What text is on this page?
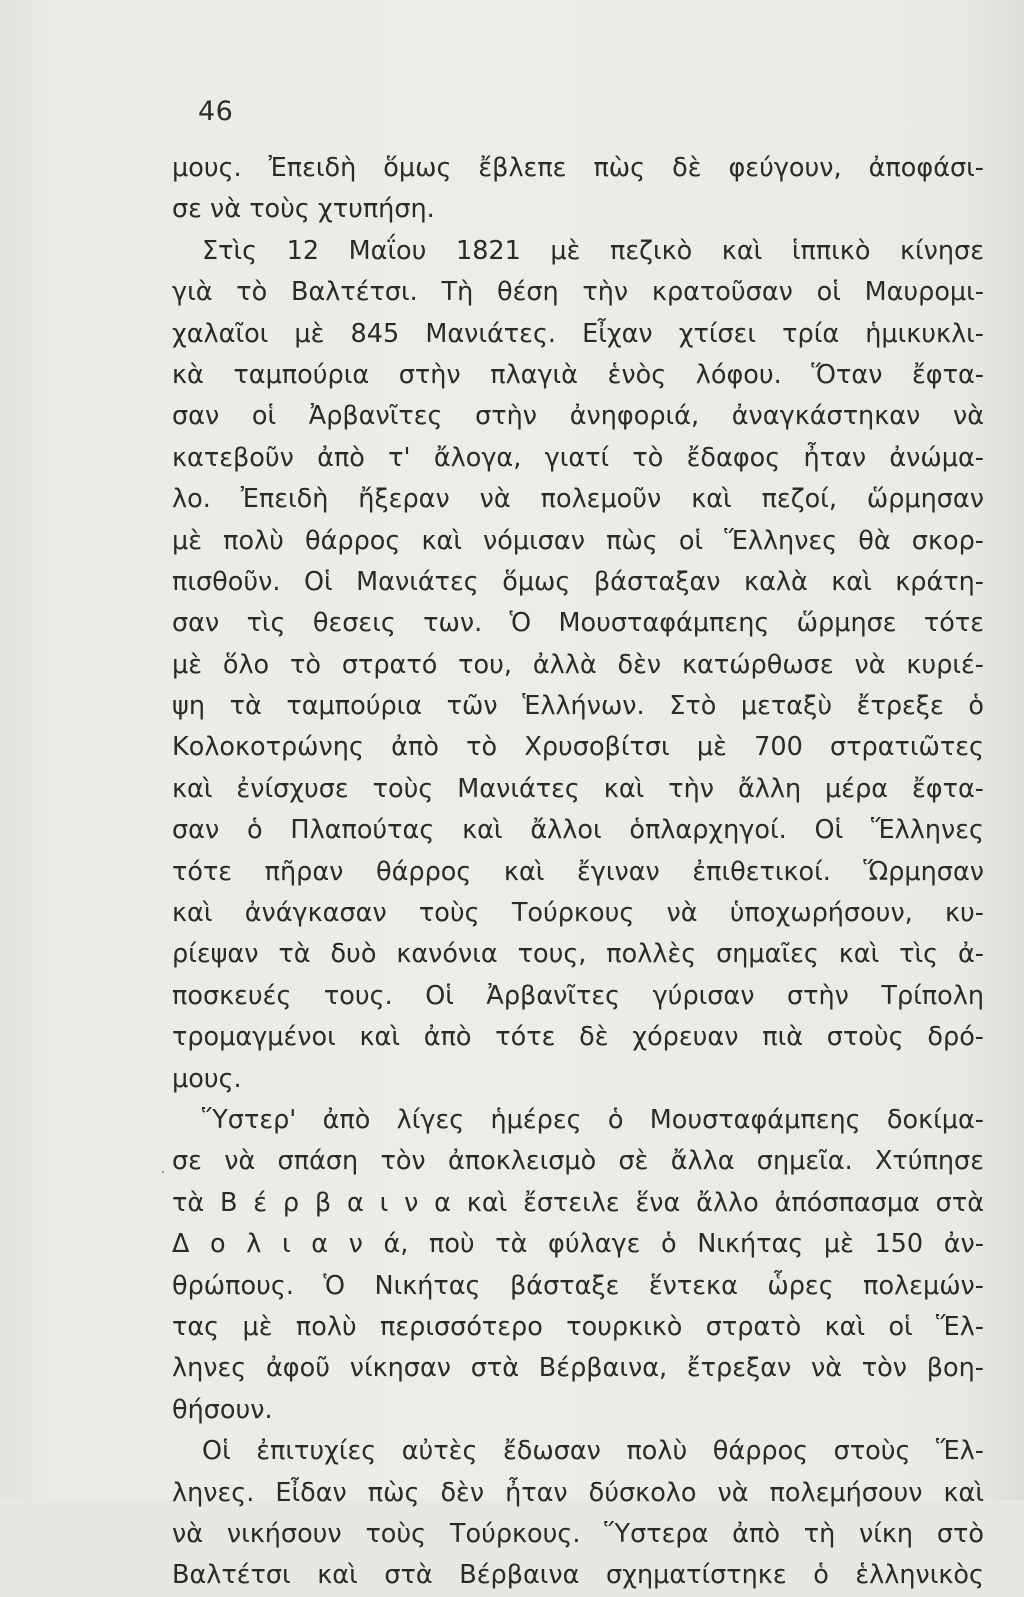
46
μους. Ἐπειδὴ ὅμως ἔβλεπε πὼς δὲ φεύγουν, ἀποφάσι-
σε νὰ τοὺς χτυπήση.
Στὶς 12 Μαΐου 1821 μὲ πεζικὸ καὶ ἱππικὸ κίνησε
γιὰ τὸ Βαλτέτσι. Τὴ θέση τὴν κρατοῦσαν οἱ Μαυρομι-
χαλαῖοι μὲ 845 Μανιάτες. Εἶχαν χτίσει τρία ἡμικυκλι-
κὰ ταμπούρια στὴν πλαγιὰ ἑνὸς λόφου. Ὅταν ἔφτα-
σαν οἱ Ἀρβανῖτες στὴν ἀνηφοριά, ἀναγκάστηκαν νὰ
κατεβοῦν ἀπὸ τ' ἄλογα, γιατί τὸ ἔδαφος ἦταν ἀνώμα-
λο. Ἐπειδὴ ἤξεραν νὰ πολεμοῦν καὶ πεζοί, ὥρμησαν
μὲ πολὺ θάρρος καὶ νόμισαν πὼς οἱ Ἕλληνες θὰ σκορ-
πισθοῦν. Οἱ Μανιάτες ὅμως βάσταξαν καλὰ καὶ κράτη-
σαν τὶς θεσεις των. Ὁ Μουσταφάμπεης ὥρμησε τότε
μὲ ὅλο τὸ στρατό του, ἀλλὰ δὲν κατώρθωσε νὰ κυριέ-
ψη τὰ ταμπούρια τῶν Ἑλλήνων. Στὸ μεταξὺ ἔτρεξε ὁ
Κολοκοτρώνης ἀπὸ τὸ Χρυσοβίτσι μὲ 700 στρατιῶτες
καὶ ἐνίσχυσε τοὺς Μανιάτες καὶ τὴν ἄλλη μέρα ἔφτα-
σαν ὁ Πλαπούτας καὶ ἄλλοι ὁπλαρχηγοί. Οἱ Ἕλληνες
τότε πῆραν θάρρος καὶ ἔγιναν ἐπιθετικοί. Ὥρμησαν
καὶ ἀνάγκασαν τοὺς Τούρκους νὰ ὑποχωρήσουν, κυ-
ρίεψαν τὰ δυὸ κανόνια τους, πολλὲς σημαῖες καὶ τὶς ἀ-
ποσκευές τους. Οἱ Ἀρβανῖτες γύρισαν στὴν Τρίπολη
τρομαγμένοι καὶ ἀπὸ τότε δὲ χόρευαν πιὰ στοὺς δρό-
μους.
Ὕστερ' ἀπὸ λίγες ἡμέρες ὁ Μουσταφάμπεης δοκίμα-
σε νὰ σπάση τὸν ἀποκλεισμὸ σὲ ἄλλα σημεῖα. Χτύπησε
τὰ Β έ ρ β α ι ν α καὶ ἔστειλε ἕνα ἄλλο ἀπόσπασμα στὰ
Δ ο λ ι α ν ά, ποὺ τὰ φύλαγε ὁ Νικήτας μὲ 150 ἀν-
θρώπους. Ὁ Νικήτας βάσταξε ἕντεκα ὧρες πολεμών-
τας μὲ πολὺ περισσότερο τουρκικὸ στρατὸ καὶ οἱ Ἕλ-
ληνες ἀφοῦ νίκησαν στὰ Βέρβαινα, ἔτρεξαν νὰ τὸν βοη-
θήσουν.
Οἱ ἐπιτυχίες αὐτὲς ἔδωσαν πολὺ θάρρος στοὺς Ἕλ-
ληνες. Εἶδαν πὼς δὲν ἦταν δύσκολο νὰ πολεμήσουν καὶ
νὰ νικήσουν τοὺς Τούρκους. Ὕστερα ἀπὸ τὴ νίκη στὸ
Βαλτέτσι καὶ στὰ Βέρβαινα σχηματίστηκε ὁ ἑλληνικὸς
·
